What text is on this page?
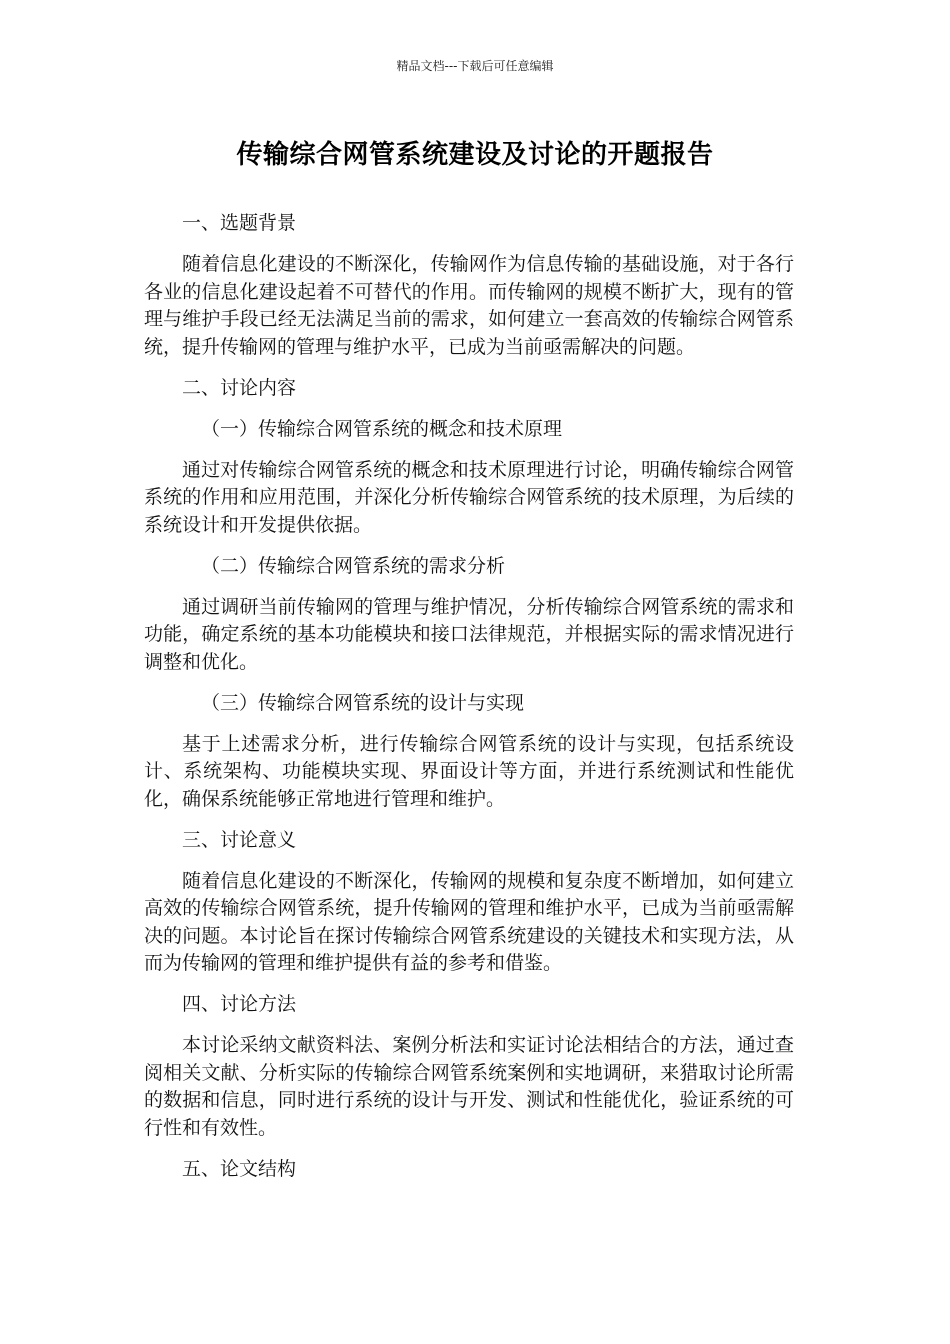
精品文档---下载后可任意编辑
传输综合网管系统建设及讨论的开题报告

一、选题背景

随着信息化建设的不断深化，传输网作为信息传输的基础设施，对于各行各业的信息化建设起着不可替代的作用。而传输网的规模不断扩大，现有的管理与维护手段已经无法满足当前的需求，如何建立一套高效的传输综合网管系统，提升传输网的管理与维护水平，已成为当前亟需解决的问题。

二、讨论内容

（一）传输综合网管系统的概念和技术原理

通过对传输综合网管系统的概念和技术原理进行讨论，明确传输综合网管系统的作用和应用范围，并深化分析传输综合网管系统的技术原理，为后续的系统设计和开发提供依据。

（二）传输综合网管系统的需求分析

通过调研当前传输网的管理与维护情况，分析传输综合网管系统的需求和功能，确定系统的基本功能模块和接口法律规范，并根据实际的需求情况进行调整和优化。

（三）传输综合网管系统的设计与实现

基于上述需求分析，进行传输综合网管系统的设计与实现，包括系统设计、系统架构、功能模块实现、界面设计等方面，并进行系统测试和性能优化，确保系统能够正常地进行管理和维护。

三、讨论意义

随着信息化建设的不断深化，传输网的规模和复杂度不断增加，如何建立高效的传输综合网管系统，提升传输网的管理和维护水平，已成为当前亟需解决的问题。本讨论旨在探讨传输综合网管系统建设的关键技术和实现方法，从而为传输网的管理和维护提供有益的参考和借鉴。

四、讨论方法

本讨论采纳文献资料法、案例分析法和实证讨论法相结合的方法，通过查阅相关文献、分析实际的传输综合网管系统案例和实地调研，来猎取讨论所需的数据和信息，同时进行系统的设计与开发、测试和性能优化，验证系统的可行性和有效性。

五、论文结构
